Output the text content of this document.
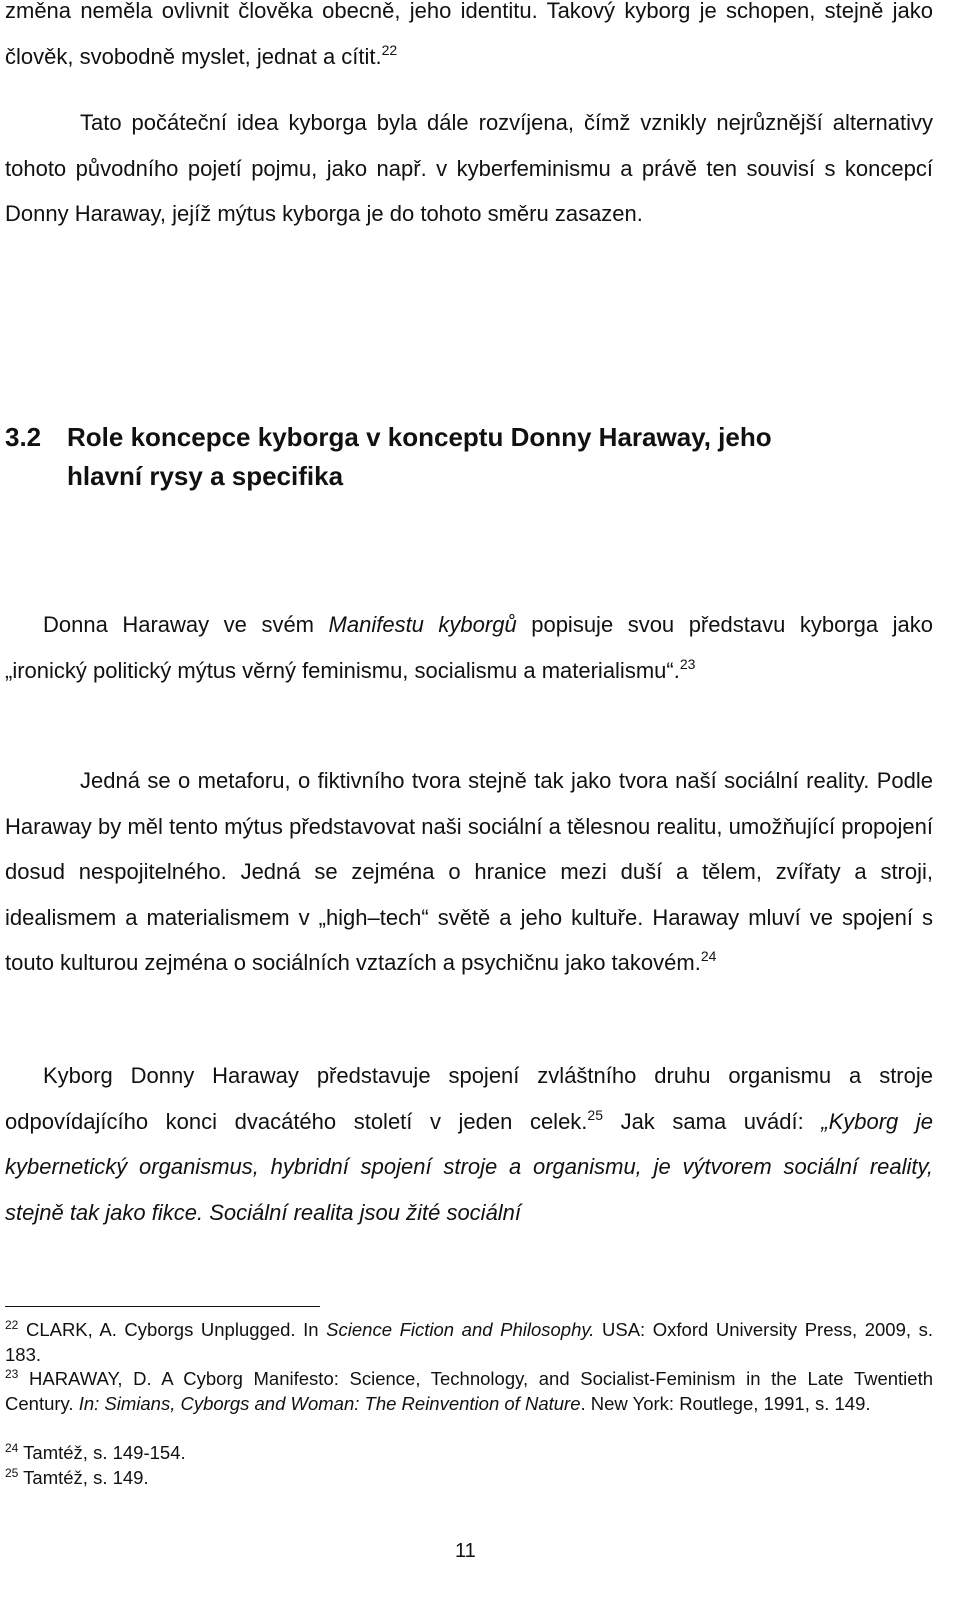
změna neměla ovlivnit člověka obecně, jeho identitu. Takový kyborg je schopen, stejně jako člověk, svobodně myslet, jednat a cítit.$^{22}$

Tato počáteční idea kyborga byla dále rozvíjena, čímž vznikly nejrůznější alternativy tohoto původního pojetí pojmu, jako např. v kyberfeminismu a právě ten souvisí s koncepcí Donny Haraway, jejíž mýtus kyborga je do tohoto směru zasazen.

3.2 Role koncepce kyborga v konceptu Donny Haraway, jeho
hlavní rysy a specifika

Donna Haraway ve svém Manifestu kyborgů popisuje svou představu kyborga jako „ironický politický mýtus věrný feminismu, socialismu a materialismu“.$^{23}$

Jedná se o metaforu, o fiktivního tvora stejně tak jako tvora naší sociální reality. Podle Haraway by měl tento mýtus představovat naši sociální a tělesnou realitu, umožňující propojení dosud nespojitelného. Jedná se zejména o hranice mezi duší a tělem, zvířaty a stroji, idealismem a materialismem v „high–tech“ světě a jeho kultuře. Haraway mluví ve spojení s touto kulturou zejména o sociálních vztazích a psychičnu jako takovém.$^{24}$

Kyborg Donny Haraway představuje spojení zvláštního druhu organismu a stroje odpovídajícího konci dvacátého století v jeden celek.$^{25}$ Jak sama uvádí: „Kyborg je kybernetický organismus, hybridní spojení stroje a organismu, je výtvorem sociální reality, stejně tak jako fikce. Sociální realita jsou žité sociální

$^{22}$ CLARK, A. Cyborgs Unplugged. In Science Fiction and Philosophy. USA: Oxford University Press, 2009, s. 183.

$^{23}$ HARAWAY, D. A Cyborg Manifesto: Science, Technology, and Socialist-Feminism in the Late Twentieth Century. In: Simians, Cyborgs and Woman: The Reinvention of Nature. New York: Routlege, 1991, s. 149.

$^{24}$ Tamtéž, s. 149-154.

$^{25}$ Tamtéž, s. 149.

11
